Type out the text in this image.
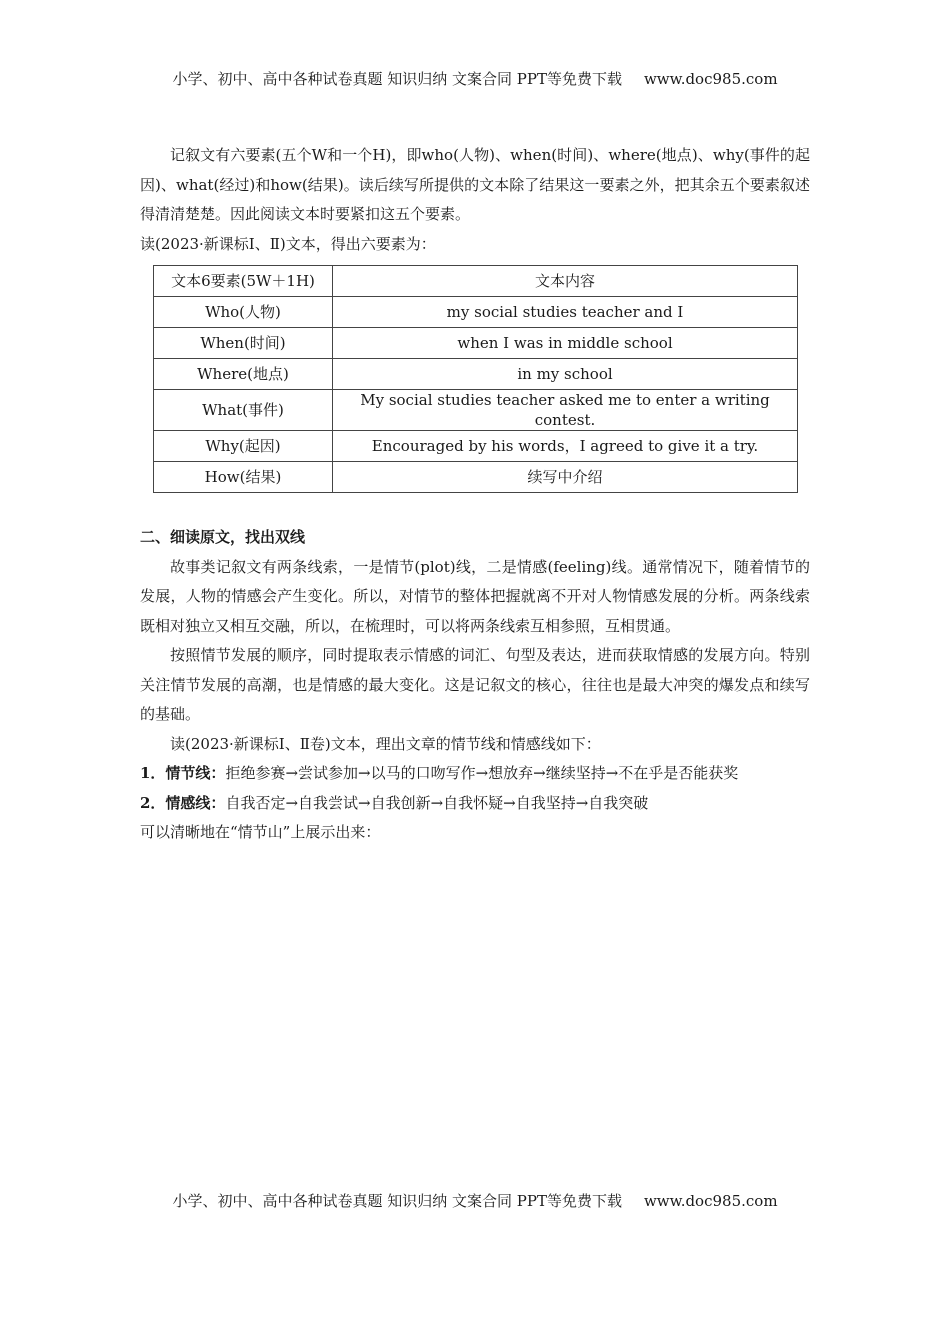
小学、初中、高中各种试卷真题 知识归纳 文案合同 PPT等免费下载 www.doc985.com

记叙文有六要素(五个W和一个H)，即who(人物)、when(时间)、where(地点)、why(事件的起因)、what(经过)和how(结果)。读后续写所提供的文本除了结果这一要素之外，把其余五个要素叙述得清清楚楚。因此阅读文本时要紧扣这五个要素。

读(2023·新课标Ⅰ、Ⅱ)文本，得出六要素为：

文本6要素(5W＋1H)	文本内容
Who(人物)	my social studies teacher and I
When(时间)	when I was in middle school
Where(地点)	in my school
What(事件)	My social studies teacher asked me to enter a writing contest.
Why(起因)	Encouraged by his words，I agreed to give it a try.
How(结果)	续写中介绍

二、细读原文，找出双线

故事类记叙文有两条线索，一是情节(plot)线，二是情感(feeling)线。通常情况下，随着情节的发展，人物的情感会产生变化。所以，对情节的整体把握就离不开对人物情感发展的分析。两条线索既相对独立又相互交融，所以，在梳理时，可以将两条线索互相参照，互相贯通。

按照情节发展的顺序，同时提取表示情感的词汇、句型及表达，进而获取情感的发展方向。特别关注情节发展的高潮，也是情感的最大变化。这是记叙文的核心，往往也是最大冲突的爆发点和续写的基础。

读(2023·新课标Ⅰ、Ⅱ卷)文本，理出文章的情节线和情感线如下：

1．情节线：拒绝参赛→尝试参加→以马的口吻写作→想放弃→继续坚持→不在乎是否能获奖

2．情感线：自我否定→自我尝试→自我创新→自我怀疑→自我坚持→自我突破

可以清晰地在“情节山”上展示出来：

小学、初中、高中各种试卷真题 知识归纳 文案合同 PPT等免费下载 www.doc985.com
